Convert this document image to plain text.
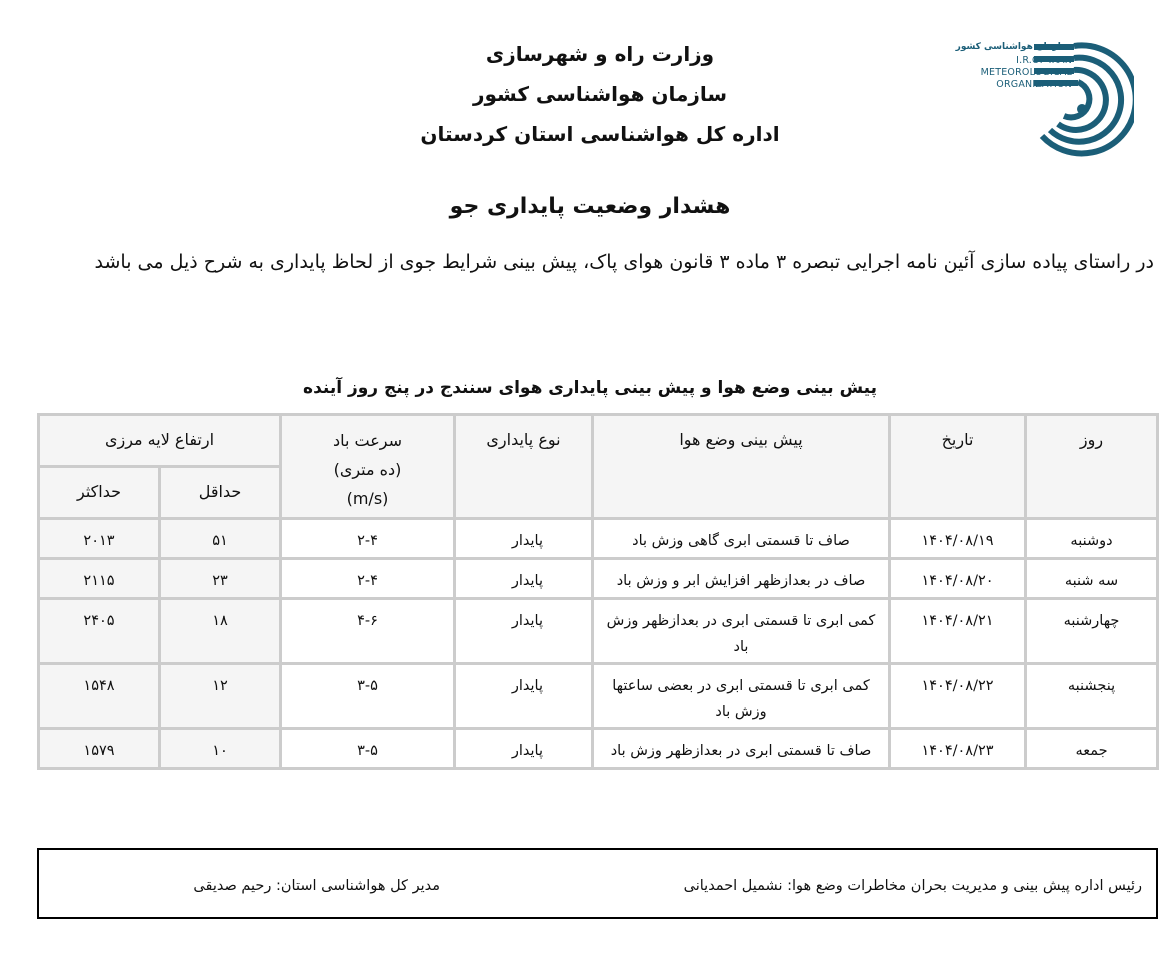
سازمان هواشناسی کشور
I.R.OF IRAN
METEOROLOGICAL
ORGANIZATION
وزارت راه و شهرسازی
سازمان هواشناسی کشور
اداره کل هواشناسی استان کردستان
هشدار وضعیت پایداری جو
در راستای پیاده سازی آئین نامه اجرایی تبصره ۳ ماده ۳ قانون هوای پاک، پیش بینی شرایط جوی از لحاظ پایداری به شرح ذیل می باشد
پیش بینی وضع هوا و پیش بینی پایداری هوای سنندج در پنج روز آینده
روز	تاریخ	پیش بینی وضع هوا	نوع پایداری	سرعت باد
(ده متری)
(m/s)	ارتفاع لایه مرزی	
					حداقل	حداکثر
دوشنبه	۱۴۰۴/۰۸/۱۹	صاف تا قسمتی ابری گاهی وزش باد	پایدار	۲-۴	۵۱	۲۰۱۳
سه شنبه	۱۴۰۴/۰۸/۲۰	صاف در بعدازظهر افزایش ابر و وزش باد	پایدار	۲-۴	۲۳	۲۱۱۵
چهارشنبه	۱۴۰۴/۰۸/۲۱	کمی ابری تا قسمتی ابری در بعدازظهر وزش باد	پایدار	۴-۶	۱۸	۲۴۰۵
پنجشنبه	۱۴۰۴/۰۸/۲۲	کمی ابری تا قسمتی ابری در بعضی ساعتها وزش باد	پایدار	۳-۵	۱۲	۱۵۴۸
جمعه	۱۴۰۴/۰۸/۲۳	صاف تا قسمتی ابری در بعدازظهر وزش باد	پایدار	۳-۵	۱۰	۱۵۷۹
رئیس اداره پیش بینی و مدیریت بحران مخاطرات وضع هوا: نشمیل احمدیانی
مدیر کل هواشناسی استان: رحیم صدیقی
